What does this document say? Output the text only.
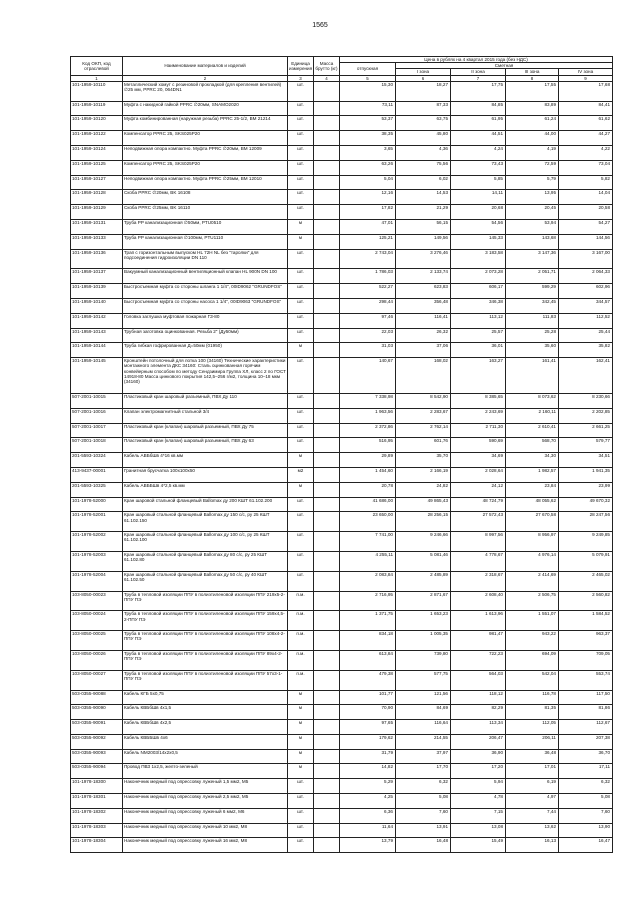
1565
Код ОКП, код отраслевой	Наименование материалов и изделий	Единица измерения	Масса брутто (кг)	Цена в рублях на 4 квартал 2015 года (без НДС)				
				отпускная	Сметная			
					I зона	II зона	III зона	IV зона
1	2	3	4	5	6	7	8	9
101-1959-10110	Металлический хомут с резиновой прокладкой (для крепления вентилей) ∅25 мм, PPRC 20, 064DN1	шт.		15,30	18,27	17,75	17,55	17,68
101-1959-10119	Муфта с накидной гайкой PPRC ∅20мм, SNAMO2020	шт.		73,11	87,33	84,85	83,89	84,41
101-1959-10120	Муфта комбинированная (наружная резьба) PPRC 25-1/2, BM 21214	шт.		53,37	63,75	61,95	61,24	61,62
101-1959-10122	Компенсатор PPRC 25, SKS025P20	шт.		38,35	45,80	44,51	44,00	44,27
101-1959-10124	Неподвижная опора компактно. Муфта PPRC ∅20мм, BM 12009	шт.		3,65	4,36	4,24	4,19	4,22
101-1959-10125	Компенсатор PPRC 25, SKS025P20	шт.		63,26	75,56	73,43	72,59	73,04
101-1959-10127	Неподвижная опора компактно. Муфта PPRC ∅25мм, BM 12010	шт.		5,04	6,02	5,85	5,79	5,82
101-1959-10128	Скоба PPRC ∅20мм, BK 16108	шт.		12,16	14,53	14,11	13,95	14,04
101-1959-10129	Скоба PPRC ∅25мм, BK 16110	шт.		17,82	21,29	20,68	20,45	20,58
101-1959-10131	Труба PP канализационная ∅50мм, PTU0510	м		47,01	56,15	54,56	53,94	54,27
101-1959-10133	Труба PP канализационная ∅100мм, PTU1110	м		125,21	149,56	145,33	143,68	144,56
101-1959-10136	Трап с горизонтальным выпуском HL 72H NL без "таролки" для подсоединения гидроизоляции DN 110	шт.		2 743,04	3 276,46	3 183,58	3 147,36	3 167,00
101-1959-10137	Вакуумный канализационный вентиляционный клапан HL 900N DN 100	шт.		1 786,03	2 133,74	2 073,28	2 051,71	2 064,33
101-1959-10139	Быстросъемная муфта со стороны шланга 1 1/4", 00ID9062 "GRUNDFOS"	шт.		522,27	623,83	606,17	599,29	602,96
101-1959-10140	Быстросъемная муфта со стороны насоса 1 1/4", 00ID9063 "GRUNDFOS"	шт.		298,44	356,48	346,38	342,45	344,57
101-1959-10142	Головка заглушка муфтовая пожарная ГЗ-80	шт.		97,46	116,41	113,12	111,83	112,52
101-1959-10143	Трубная заготовка оцинкованная. Резьба 2" (Ду50мм)	шт.		22,03	26,32	25,57	25,28	25,44
101-1959-10144	Труба гибкая гофрированная Д=50мм (01950)	м		31,03	37,06	36,01	35,60	35,82
101-1959-10145	Кронштейн потолочный для лотка 100 (34160) Технические характеристики монтажного элемента ДКС 34160: Сталь оцинкованная горячим конвейерным способом по методу Сендзимира Группа ХЛ, класс 2 по ГОСТ 14918-80 Масса цинкового покрытия 142,5–256 г/м2, толщина 10–18 мкм (34160)	шт.		140,67	168,02	163,27	161,41	162,41
507-2001-10015	Пластиковый кран шаровый разъемный, ПВХ Ду 110	шт.		7 338,98	8 542,90	8 385,65	8 073,62	8 230,66
507-2001-10016	Клапан электромагнитный стальной 3/4	шт.		1 963,56	2 283,67	2 243,69	2 160,11	2 202,85
507-2001-10017	Пластиковый кран (клапан) шаровый разъемный, ПВХ Ду 75	шт.		2 372,86	2 762,14	2 711,30	2 610,41	2 661,25
507-2001-10018	Пластиковый кран (клапан) шаровый разъемный, ПВХ Ду 63	шт.		516,95	601,76	590,69	568,70	579,77
201-5593-10324	Кабель АВБбШв 4*16 кв.мм	м		29,89	35,70	34,69	34,30	34,51
413-9437-00001	Гранитная брусчатка 100х100х50	м2		1 454,60	2 166,19	2 028,64	1 982,57	1 941,35
201-5593-10325	Кабель АВББШв 4*2,5 кв.мм	м		20,78	24,82	24,12	23,84	23,99
101-1978-52000	Кран шаровой стальной фланцевый Ballomax ду 200 КШТ 61.102.200	шт.		41 686,00	49 865,43	48 724,79	48 055,62	49 670,32
101-1978-52001	Кран шаровый стальной фланцевый Ballomax ду 150 c/c, ру 25 КШТ 61.102.150	шт.		23 650,00	28 256,15	27 572,43	27 670,58	28 247,56
101-1978-52002	Кран шаровый стальной фланцевый Ballomax ду 100 c/c, ру 25 КШТ 61.102.100	шт.		7 741,00	9 246,66	8 997,56	8 956,97	9 249,85
101-1978-52003	Кран шаровый стальной фланцевый Ballomax ду 80 c/c, ру 25 КШТ 61.102.80	шт.		4 255,11	5 081,46	4 778,67	4 976,14	5 079,91
101-1978-52004	Кран шаровый стальной фланцевый Ballomax ду 50 c/c, ру 40 КШТ 61.102.50	шт.		2 083,84	2 485,89	2 318,67	2 414,69	2 465,02
103-8050-00023	Труба в тепловой изоляции ППУ в полиэтиленовой изоляции ППУ 219х5-2-ППУ ПЭ	п.м.		2 716,95	2 871,67	2 608,40	2 506,75	2 560,82
103-8050-00024	Труба в тепловой изоляции ППУ в полиэтиленовой изоляции ППУ 159х4,5-2-ППУ ПЭ	п.м.		1 371,75	1 653,23	1 613,96	1 551,07	1 584,52
103-8050-00025	Труба в тепловой изоляции ППУ в полиэтиленовой изоляции ППУ 108х4-2-ППУ ПЭ	п.м.		834,18	1 005,35	981,47	943,22	963,37
103-8050-00026	Труба в тепловой изоляции ППУ в полиэтиленовой изоляции ППУ 89х4-2-ППУ ПЭ	п.м.		613,84	739,80	722,23	694,09	709,05
103-8050-00027	Труба в тепловой изоляции ППУ в полиэтиленовой изоляции ППУ 57х3-1-ППУ ПЭ	п.м.		479,38	577,75	564,03	542,04	553,74
503-0355-90088	Кабель КГБ 5х0,75	м		101,77	121,56	118,12	116,78	117,50
503-0355-90090	Кабель КВБбШв 4х1,5	м		70,90	84,69	82,29	81,35	81,86
503-0355-90091	Кабель КВБбШв 4х2,5	м		97,65	116,64	113,34	112,05	112,67
503-0355-90092	Кабель КВББШв 4х6	м		179,62	214,55	206,47	206,11	207,38
503-0355-90093	Кабель NM2003/14х2х0,5	м		31,79	37,97	36,90	36,48	36,70
503-0355-90094	Провод ПВЗ 1х2,5, желто-зеленый	м		14,82	17,70	17,20	17,01	17,11
101-1978-18300	Наконечник медный под опрессовку луженый 1,5 мм2, М5	шт.		5,29	6,32	5,94	6,19	6,32
101-1978-18301	Наконечник медный под опрессовку луженый 2,5 мм2, М5	шт.		4,25	5,08	4,78	4,97	5,08
101-1978-18302	Наконечник медный под опрессовку луженый 6 мм2, М6	шт.		6,36	7,60	7,15	7,44	7,60
101-1978-18303	Наконечник медный под опрессовку луженый 10 мм2, М8	шт.		11,64	13,91	13,08	13,62	13,90
101-1978-18304	Наконечник медный под опрессовку луженый 16 мм2, М8	шт.		13,79	16,48	15,49	16,13	16,47
